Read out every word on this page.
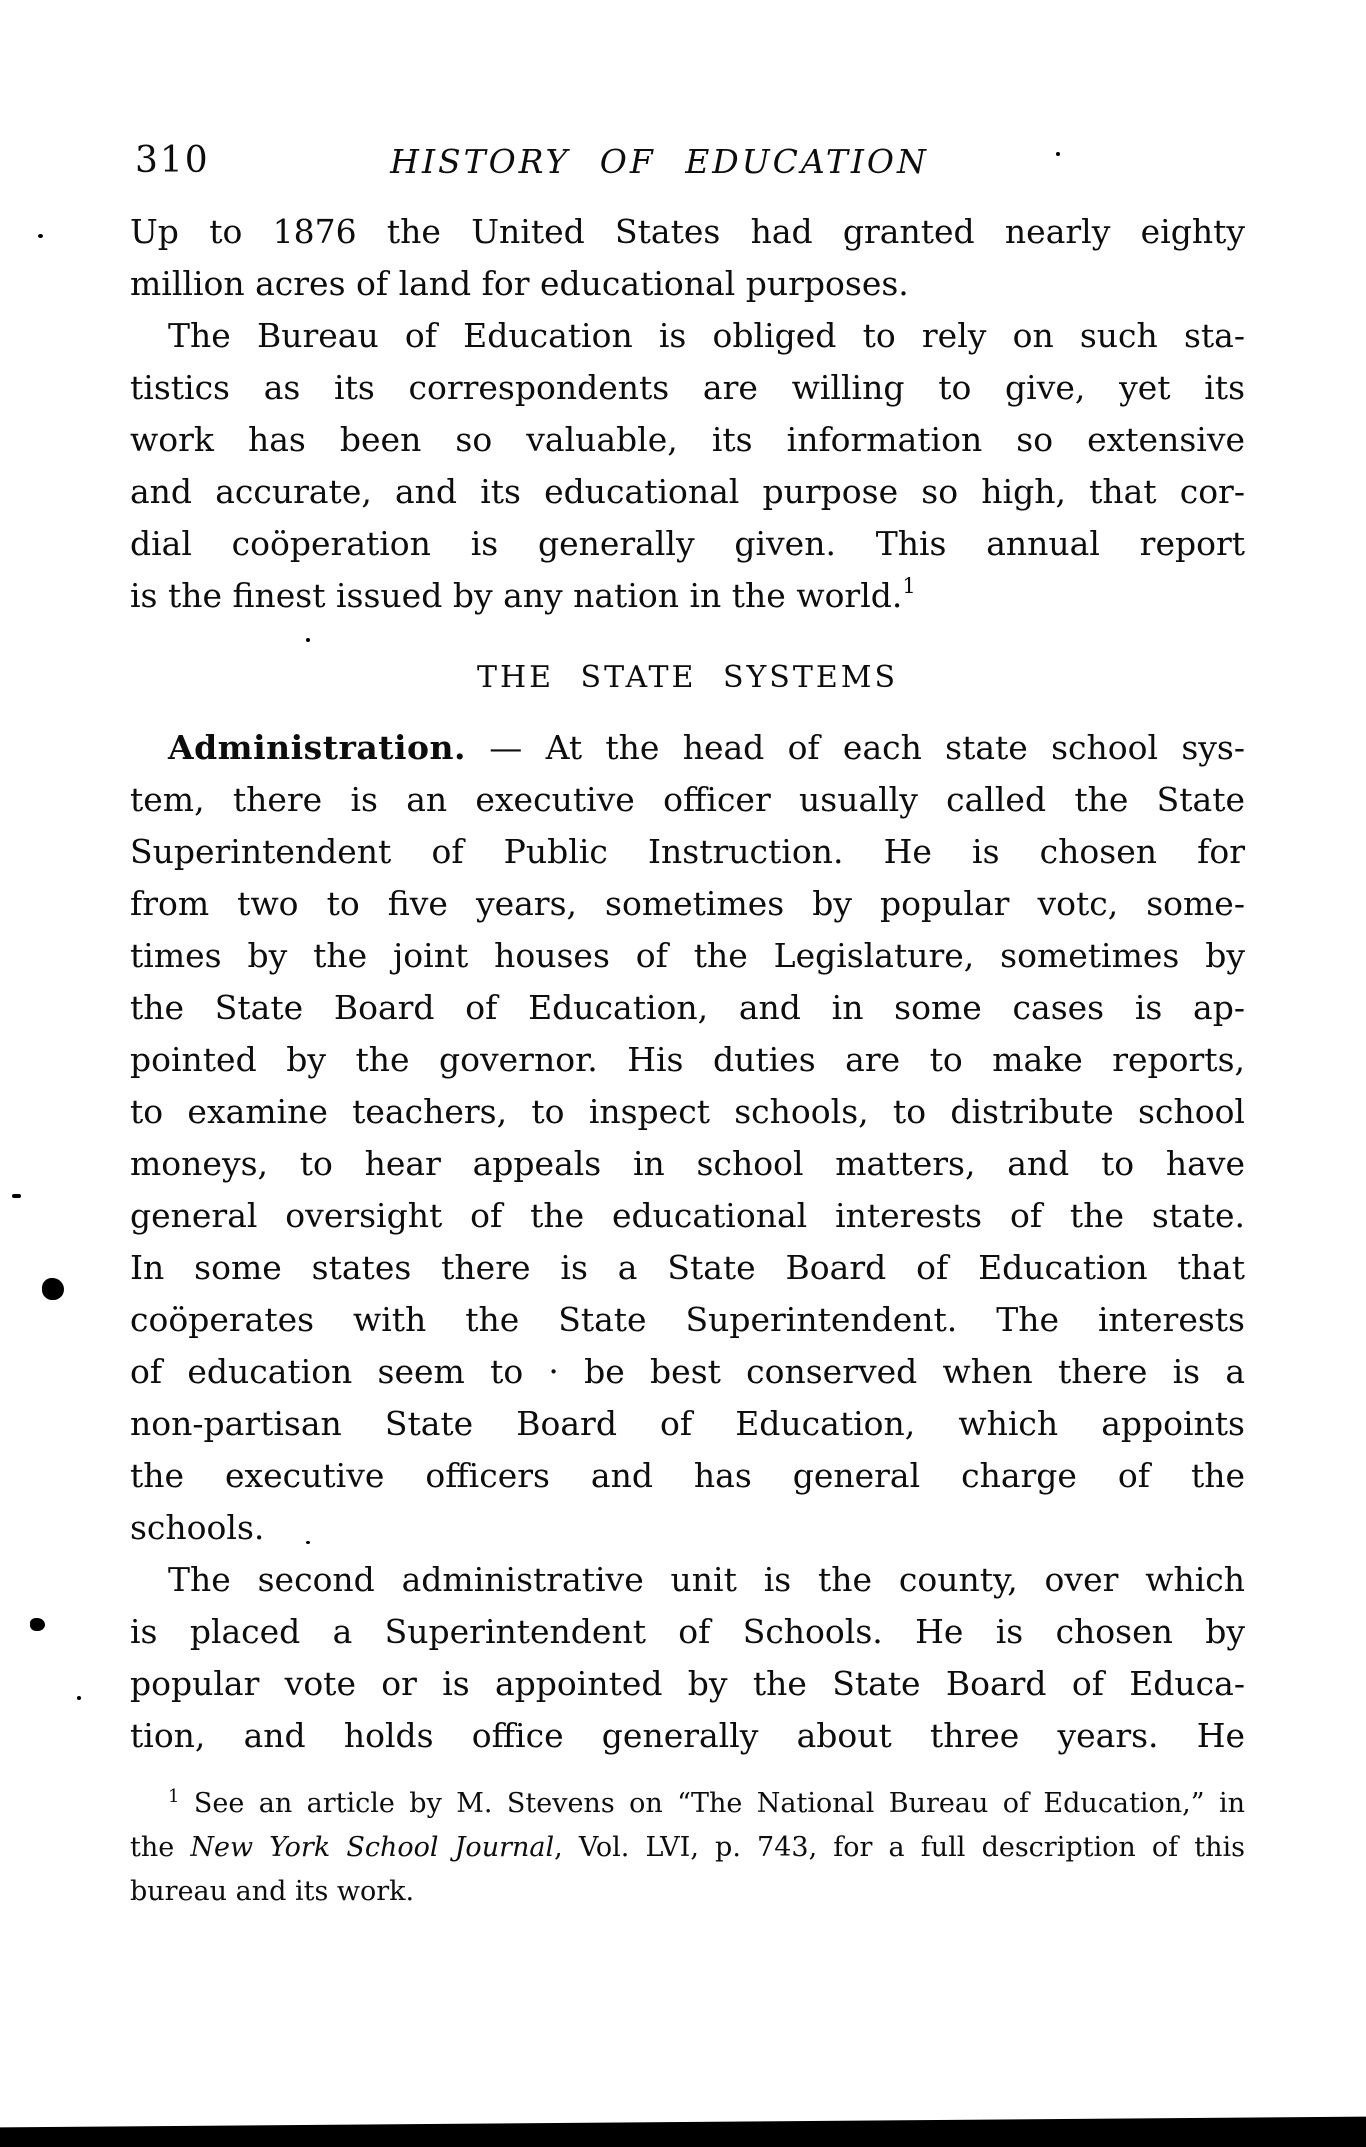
310	HISTORY OF EDUCATION
Up to 1876 the United States had granted nearly eighty
million acres of land for educational purposes.
The Bureau of Education is obliged to rely on such sta-
tistics as its correspondents are willing to give, yet its
work has been so valuable, its information so extensive
and accurate, and its educational purpose so high, that cor-
dial coöperation is generally given. This annual report
is the finest issued by any nation in the world.$^1$
THE STATE SYSTEMS
Administration. — At the head of each state school sys-
tem, there is an executive officer usually called the State
Superintendent of Public Instruction. He is chosen for
from two to five years, sometimes by popular votc, some-
times by the joint houses of the Legislature, sometimes by
the State Board of Education, and in some cases is ap-
pointed by the governor. His duties are to make reports,
to examine teachers, to inspect schools, to distribute school
moneys, to hear appeals in school matters, and to have
general oversight of the educational interests of the state.
In some states there is a State Board of Education that
coöperates with the State Superintendent. The interests
of education seem to · be best conserved when there is a
non-partisan State Board of Education, which appoints
the executive officers and has general charge of the
schools.
The second administrative unit is the county, over which
is placed a Superintendent of Schools. He is chosen by
popular vote or is appointed by the State Board of Educa-
tion, and holds office generally about three years. He
$^1$ See an article by M. Stevens on “The National Bureau of Education,” in
the New York School Journal, Vol. LVI, p. 743, for a full description of this
bureau and its work.
